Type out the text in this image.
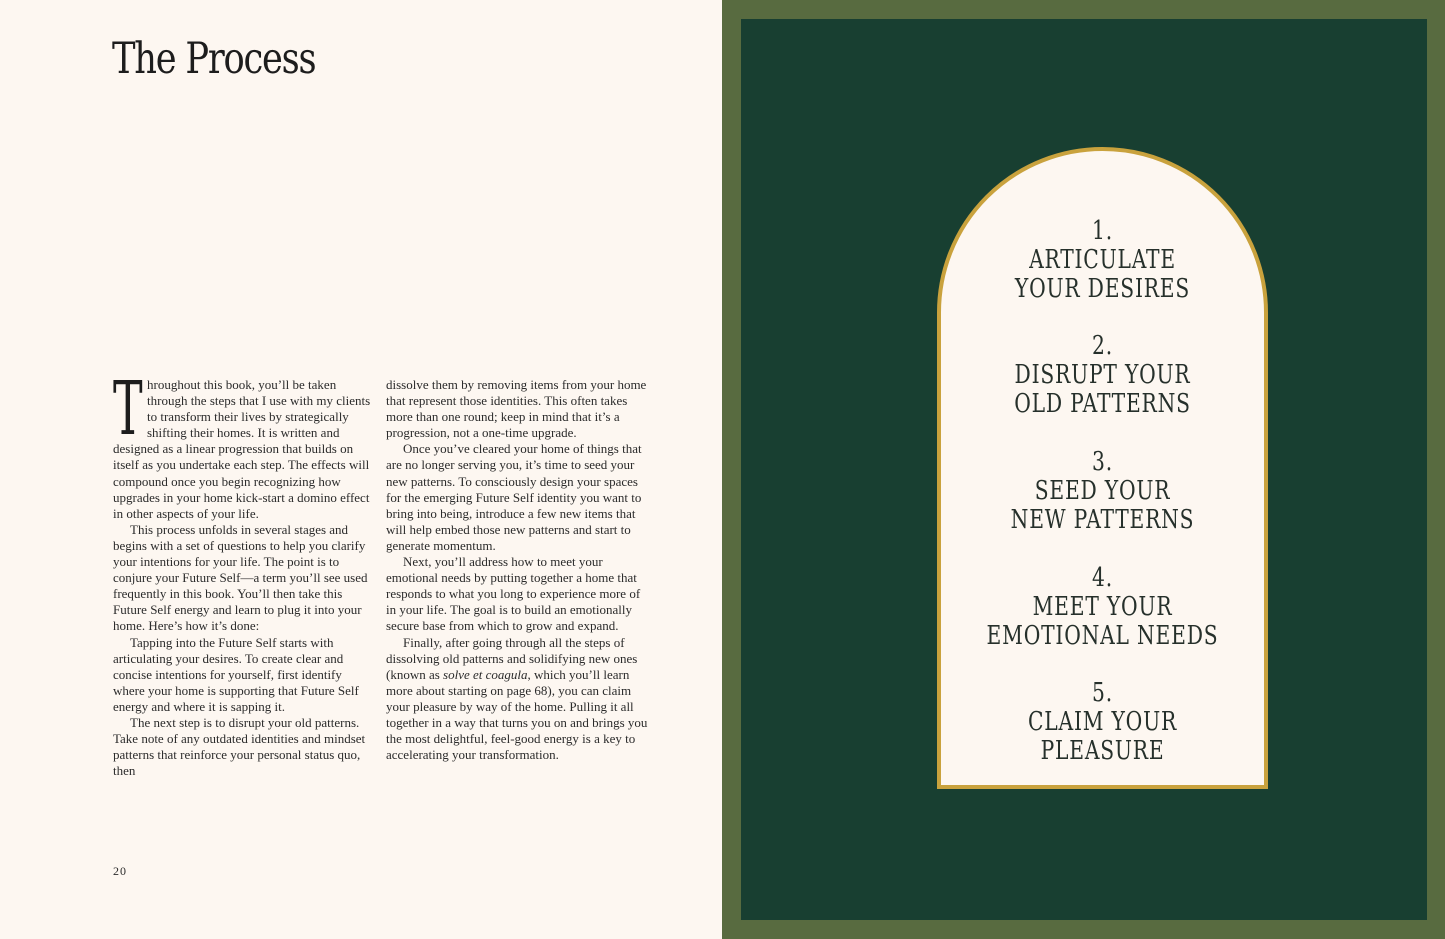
The Process

Throughout this book, you’ll be taken through the steps that I use with my clients to transform their lives by strategically shifting their homes. It is written and designed as a linear progression that builds on itself as you undertake each step. The effects will compound once you begin recognizing how upgrades in your home kick-start a domino effect in other aspects of your life.

This process unfolds in several stages and begins with a set of questions to help you clarify your intentions for your life. The point is to conjure your Future Self—a term you’ll see used frequently in this book. You’ll then take this Future Self energy and learn to plug it into your home. Here’s how it’s done:

Tapping into the Future Self starts with articulating your desires. To create clear and concise intentions for yourself, first identify where your home is supporting that Future Self energy and where it is sapping it.

The next step is to disrupt your old patterns. Take note of any outdated identities and mindset patterns that reinforce your personal status quo, then

dissolve them by removing items from your home that represent those identities. This often takes more than one round; keep in mind that it’s a progression, not a one-time upgrade.

Once you’ve cleared your home of things that are no longer serving you, it’s time to seed your new patterns. To consciously design your spaces for the emerging Future Self identity you want to bring into being, introduce a few new items that will help embed those new patterns and start to generate momentum.

Next, you’ll address how to meet your emotional needs by putting together a home that responds to what you long to experience more of in your life. The goal is to build an emotionally secure base from which to grow and expand.

Finally, after going through all the steps of dissolving old patterns and solidifying new ones (known as solve et coagula, which you’ll learn more about starting on page 68), you can claim your pleasure by way of the home. Pulling it all together in a way that turns you on and brings you the most delightful, feel-good energy is a key to accelerating your transformation.

20
1.
ARTICULATE
YOUR DESIRES
2.
DISRUPT YOUR
OLD PATTERNS
3.
SEED YOUR
NEW PATTERNS
4.
MEET YOUR
EMOTIONAL NEEDS
5.
CLAIM YOUR
PLEASURE
